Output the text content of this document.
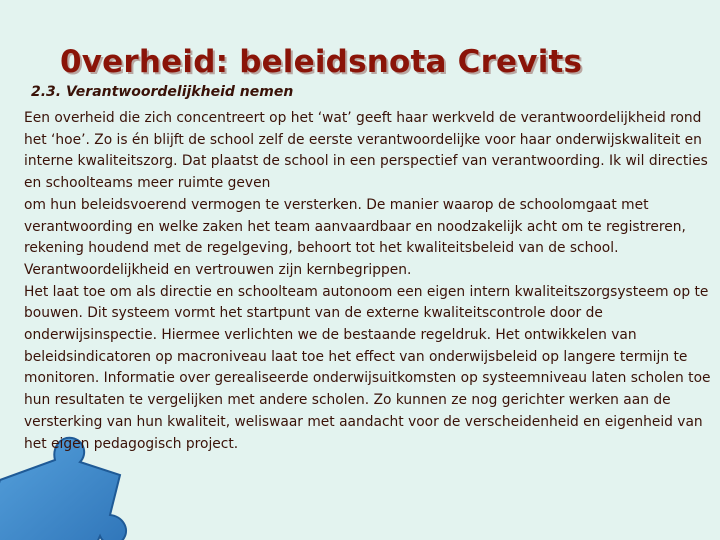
0verheid: beleidsnota Crevits
2.3. Verantwoordelijkheid nemen

Een overheid die zich concentreert op het ‘wat’ geeft haar werkveld de verantwoordelijkheid rond het ‘hoe’. Zo is én blijft de school zelf de eerste verantwoordelijke voor haar onderwijskwaliteit en interne kwaliteitszorg. Dat plaatst de school in een perspectief van verantwoording. Ik wil directies en schoolteams meer ruimte geven

om hun beleidsvoerend vermogen te versterken. De manier waarop de schoolomgaat met verantwoording en welke zaken het team aanvaardbaar en noodzakelijk acht om te registreren, rekening houdend met de regelgeving, behoort tot het kwaliteitsbeleid van de school. Verantwoordelijkheid en vertrouwen zijn kernbegrippen.

Het laat toe om als directie en schoolteam autonoom een eigen intern kwaliteitszorgsysteem op te bouwen. Dit systeem vormt het startpunt van de externe kwaliteitscontrole door de onderwijsinspectie. Hiermee verlichten we de bestaande regeldruk. Het ontwikkelen van beleidsindicatoren op macroniveau laat toe het effect van onderwijsbeleid op langere termijn te monitoren. Informatie over gerealiseerde onderwijsuitkomsten op systeemniveau laten scholen toe hun resultaten te vergelijken met andere scholen. Zo kunnen ze nog gerichter werken aan de versterking van hun kwaliteit, weliswaar met aandacht voor de verscheidenheid en eigenheid van het eigen pedagogisch project.
